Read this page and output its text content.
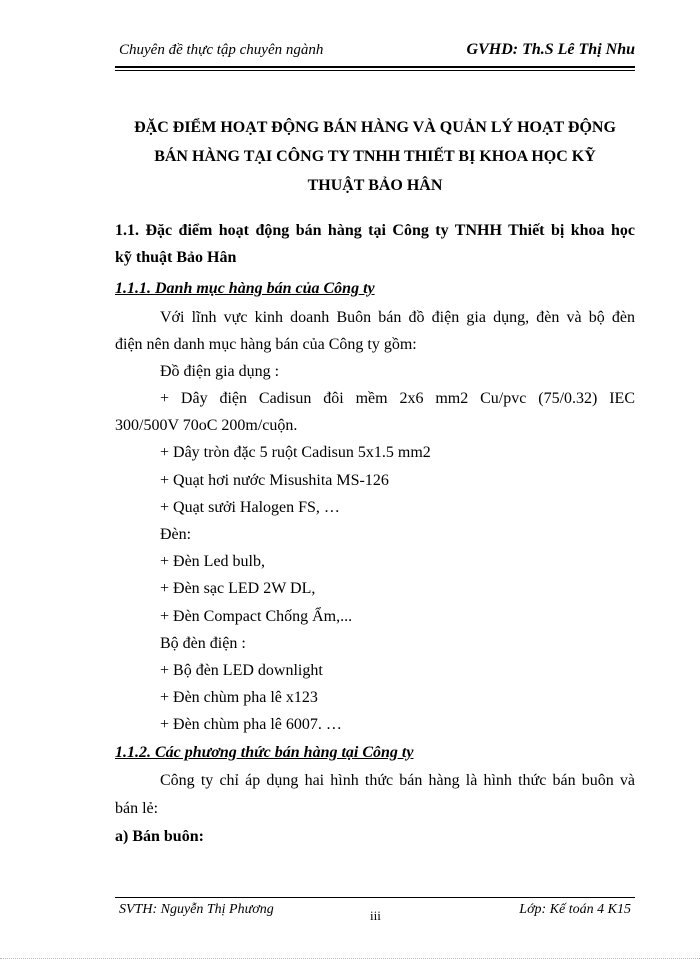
Chuyên đề thực tập chuyên ngành	GVHD: Th.S Lê Thị Nhu
ĐẶC ĐIỂM HOẠT ĐỘNG BÁN HÀNG VÀ QUẢN LÝ HOẠT ĐỘNG
BÁN HÀNG TẠI CÔNG TY TNHH THIẾT BỊ KHOA HỌC KỸ
THUẬT BẢO HÂN
1.1. Đặc điểm hoạt động bán hàng tại Công ty TNHH Thiết bị khoa học
kỹ thuật Bảo Hân
1.1.1. Danh mục hàng bán của Công ty
Với lĩnh vực kinh doanh Buôn bán đồ điện gia dụng, đèn và bộ đèn
điện nên danh mục hàng bán của Công ty gồm:
Đồ điện gia dụng :
+ Dây điện Cadisun đôi mềm 2x6 mm2 Cu/pvc (75/0.32) IEC
300/500V 70oC 200m/cuộn.
+ Dây tròn đặc 5 ruột Cadisun 5x1.5 mm2
+ Quạt hơi nước Misushita MS-126
+ Quạt sưởi Halogen FS, …
Đèn:
+ Đèn Led bulb,
+ Đèn sạc LED 2W DL,
+ Đèn Compact Chống Ẩm,...
Bộ đèn điện :
+ Bộ đèn LED downlight
+ Đèn chùm pha lê x123
+ Đèn chùm pha lê 6007. …
1.1.2. Các phương thức bán hàng tại Công ty
Công ty chỉ áp dụng hai hình thức bán hàng là hình thức bán buôn và
bán lẻ:
a) Bán buôn:
SVTH: Nguyễn Thị Phương	iii	Lớp: Kế toán 4 K15
